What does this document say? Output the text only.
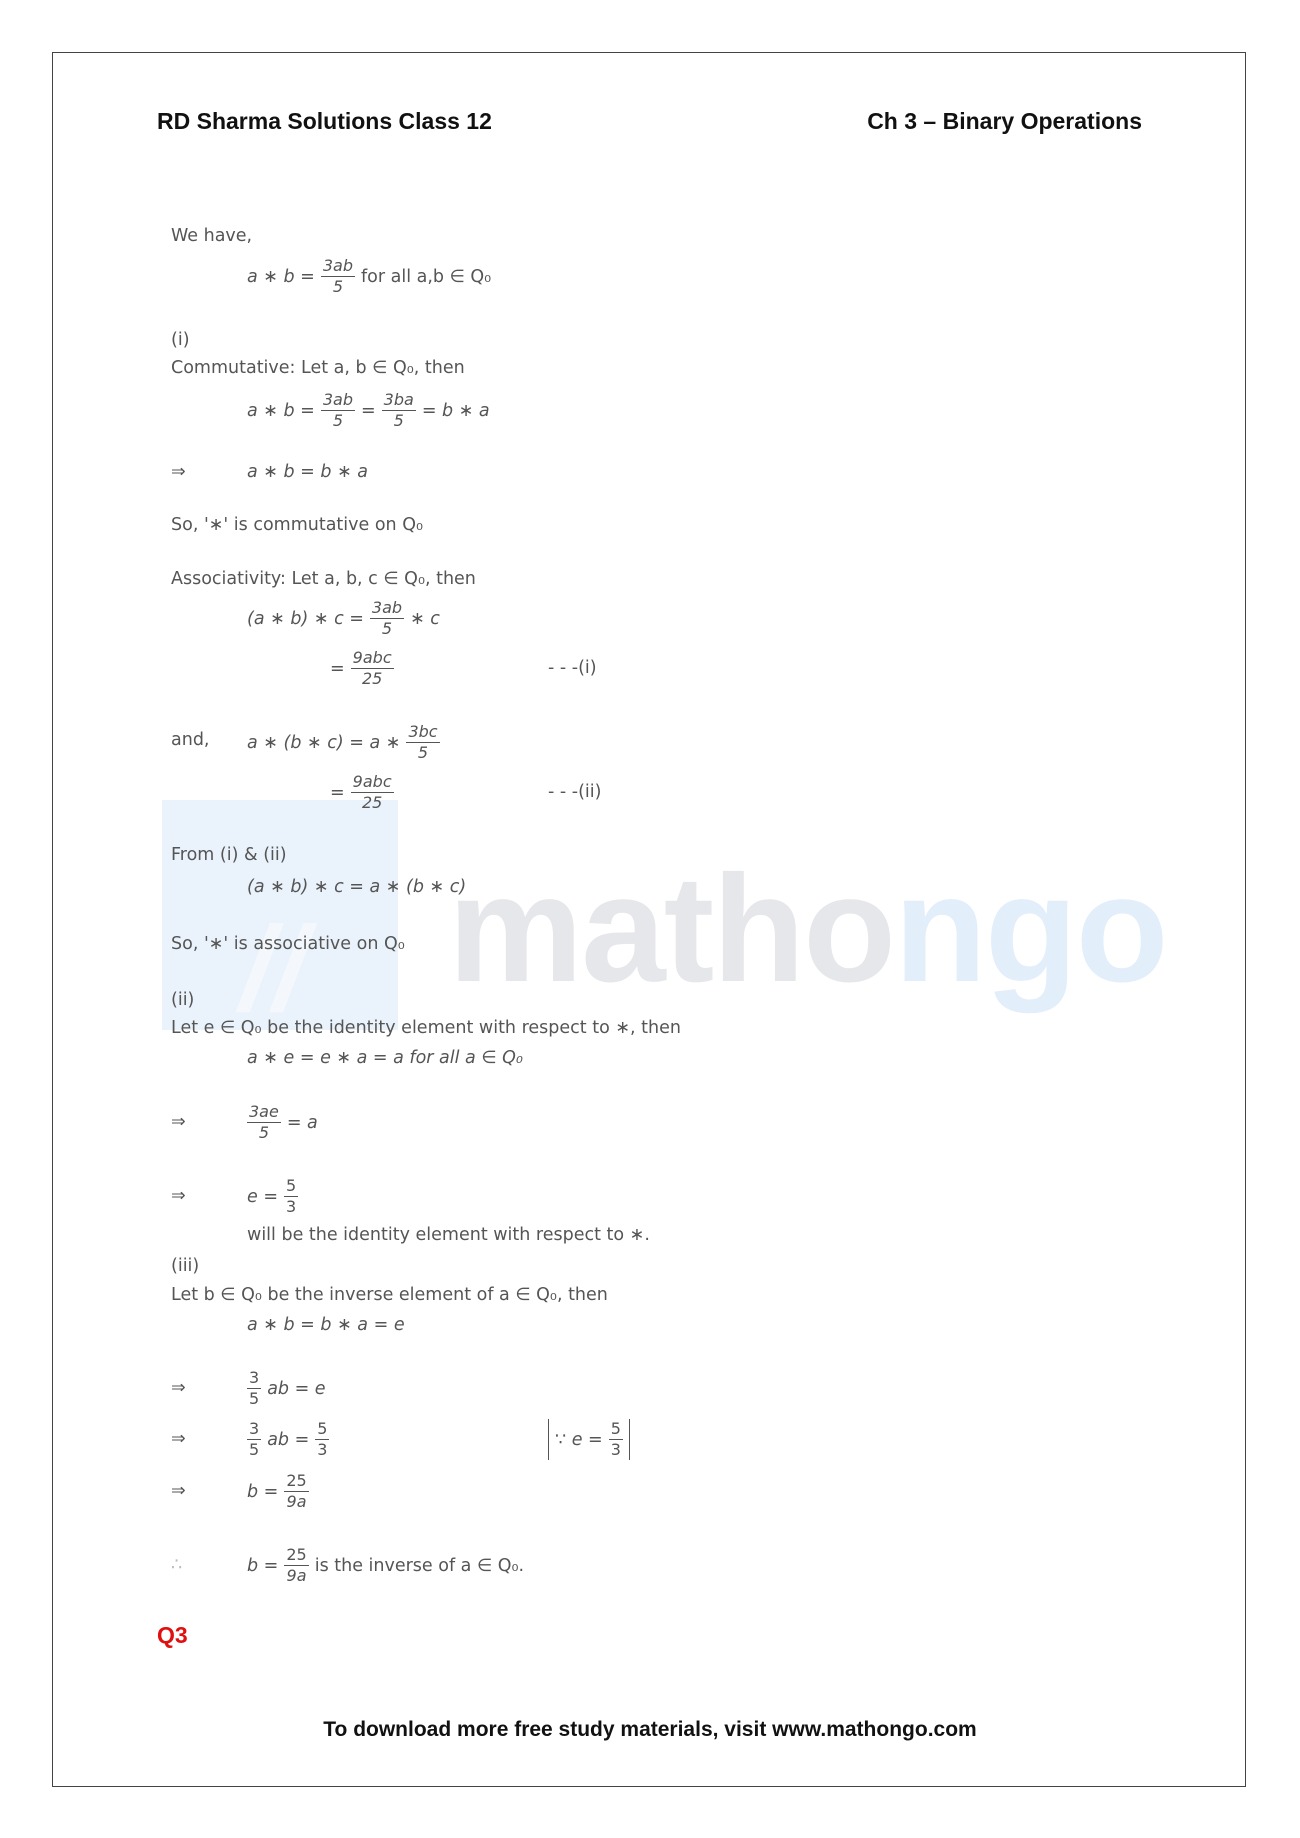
RD Sharma Solutions Class 12	Ch 3 – Binary Operations
// mathongo
We have,
a ∗ $b = \frac{3ab}{5}$ for all a,b ∈ Q₀
(i)
Commutative: Let a, b ∈ Q₀, then
a ∗ $b = \frac{3ab}{5} = \frac{3ba}{5} = b$ ∗ a
⇒	a ∗ b = b ∗ a
So, '∗' is commutative on Q₀
Associativity: Let a, b, c ∈ Q₀, then
(a ∗ b) ∗ $c = \frac{3ab}{5}$ ∗ c
= $\frac{\text{9abc}}{25}$	- - -(i)
and, a ∗ (b ∗ c) = a ∗ $\frac{3bc}{5}$
= $\frac{\text{9abc}}{25}$	- - -(ii)
From (i) & (ii)
(a ∗ b) ∗ c = a ∗ (b ∗ c)
So, '∗' is associative on Q₀
(ii)
Let e ∈ Q₀ be the identity element with respect to ∗, then
a ∗ e = e ∗ a = a for all a ∈ Q₀
⇒	$\frac{3ae}{5} = a$
⇒	$e = \frac{5}{3}$
will be the identity element with respect to ∗.
(iii)
Let b ∈ Q₀ be the inverse element of a ∈ Q₀, then
a ∗ b = b ∗ a = e
⇒	$\frac{3}{5}$ ab = e
⇒	$\frac{3}{5}$ ab = $\frac{5}{3}$	∵ $e = \frac{5}{3}$
⇒	$b = \frac{25}{9a}$
∴	$b = \frac{25}{9a}$ is the inverse of a ∈ Q₀.
Q3
To download more free study materials, visit www.mathongo.com
